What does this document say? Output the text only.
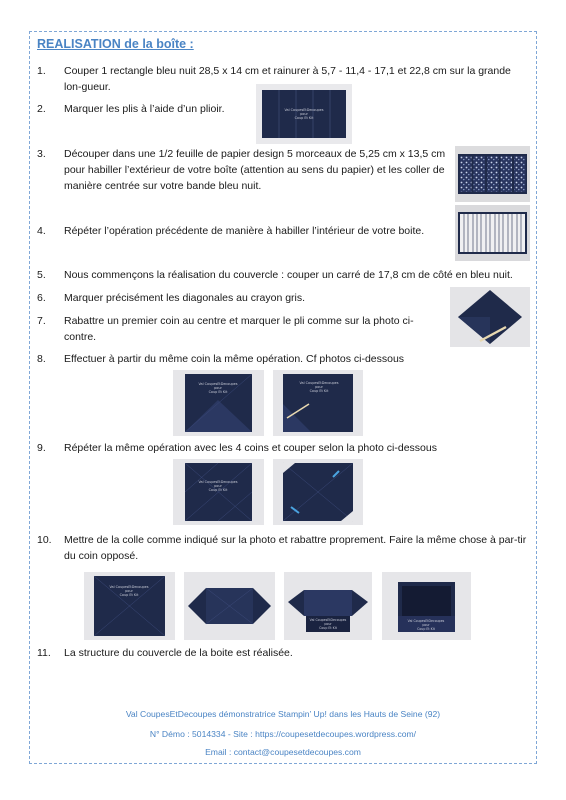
REALISATION de la boîte :
1. Couper 1 rectangle bleu nuit 28,5 x 14 cm et rainurer à 5,7 - 11,4 - 17,1 et 22,8 cm sur la grande lon-gueur.
2. Marquer les plis à l’aide d’un plioir.
3. Découper dans une 1/2 feuille de papier design 5 morceaux de 5,25 cm x 13,5 cm pour habiller l’extérieur de votre boîte (attention au sens du papier) et les coller de manière centrée sur votre bande bleu nuit.
4. Répéter l’opération précédente de manière à habiller l’intérieur de votre boite.
5. Nous commençons la réalisation du couvercle : couper un carré de 17,8 cm de côté en bleu nuit.
6. Marquer précisément les diagonales au crayon gris.
7. Rabattre un premier coin au centre et marquer le pli comme sur la photo ci-contre.
8. Effectuer à partir du même coin la même opération. Cf photos ci-dessous
9. Répéter la même opération avec les 4 coins et couper selon la photo ci-dessous
10. Mettre de la colle comme indiqué sur la photo et rabattre proprement. Faire la même chose à par-tir du coin opposé.
11. La structure du couvercle de la boite est réalisée.
Val CoupesEtDecoupes
pour
Coup Et Kit
Val CoupesEtDecoupes
pour
Coup Et Kit
Val CoupesEtDecoupes
pour
Coup Et Kit
Val CoupesEtDecoupes
pour
Coup Et Kit
Val CoupesEtDecoupes
pour
Coup Et Kit
Val CoupesEtDecoupes
pour
Coup Et Kit
Val CoupesEtDecoupes
pour
Coup Et Kit
Val CoupesEtDecoupes démonstratrice Stampin’ Up! dans les Hauts de Seine (92)
N° Démo : 5014334 - Site : https://coupesetdecoupes.wordpress.com/
Email : contact@coupesetdecoupes.com
